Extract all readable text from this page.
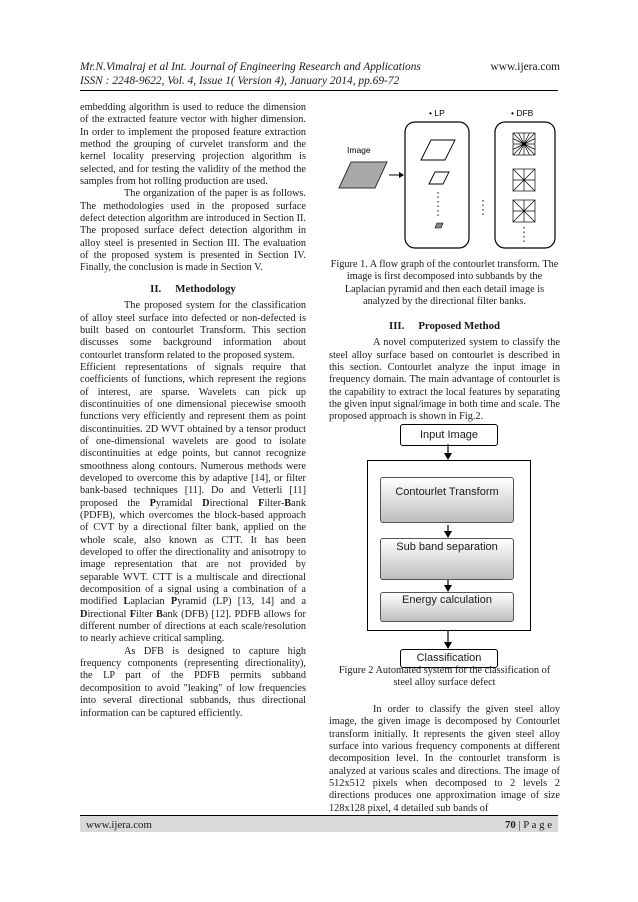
Mr.N.Vimalraj et al Int. Journal of Engineering Research and Applications	www.ijera.com
ISSN : 2248-9622, Vol. 4, Issue 1( Version 4), January 2014, pp.69-72

embedding algorithm is used to reduce the dimension of the extracted feature vector with higher dimension. In order to implement the proposed feature extraction method the grouping of curvelet transform and the kernel locality preserving projection algorithm is selected, and for testing the validity of the method the samples from hot rolling production are used.

The organization of the paper is as follows. The methodologies used in the proposed surface defect detection algorithm are introduced in Section II. The proposed surface defect detection algorithm in alloy steel is presented in Section III. The evaluation of the proposed system is presented in Section IV. Finally, the conclusion is made in Section V.

II. Methodology

The proposed system for the classification of alloy steel surface into defected or non-defected is built based on contourlet Transform. This section discusses some background information about contourlet transform related to the proposed system.

Efficient representations of signals require that coefficients of functions, which represent the regions of interest, are sparse. Wavelets can pick up discontinuities of one dimensional piecewise smooth functions very efficiently and represent them as point discontinuities. 2D WVT obtained by a tensor product of one-dimensional wavelets are good to isolate discontinuities at edge points, but cannot recognize smoothness along contours. Numerous methods were developed to overcome this by adaptive [14], or filter bank-based techniques [11]. Do and Vetterli [11] proposed the Pyramidal Directional Filter-Bank (PDFB), which overcomes the block-based approach of CVT by a directional filter bank, applied on the whole scale, also known as CTT. It has been developed to offer the directionality and anisotropy to image representation that are not provided by separable WVT. CTT is a multiscale and directional decomposition of a signal using a combination of a modified Laplacian Pyramid (LP) [13, 14] and a Directional Filter Bank (DFB) [12]. PDFB allows for different number of directions at each scale/resolution to nearly achieve critical sampling.

As DFB is designed to capture high frequency components (representing directionality), the LP part of the PDFB permits subband decomposition to avoid "leaking" of low frequencies into several directional subbands, thus directional information can be captured efficiently.

• LP	• DFB
Image
Figure 1. A flow graph of the contourlet transform. The image is first decomposed into subbands by the Laplacian pyramid and then each detail image is analyzed by the directional filter banks.
III. Proposed Method

A novel computerized system to classify the steel alloy surface based on contourlet is described in this section. Contourlet analyze the input image in frequency domain. The main advantage of contourlet is the capability to extract the local features by separating the given input signal/image in both time and scale. The proposed approach is shown in Fig.2.

Input Image
Contourlet Transform
Sub band separation
Energy calculation
Classification
Figure 2 Automated system for the classification of steel alloy surface defect

In order to classify the given steel alloy image, the given image is decomposed by Contourlet transform initially. It represents the given steel alloy surface into various frequency components at different decomposition level. In the contourlet transform is analyzed at various scales and directions. The image of 512x512 pixels when decomposed to 2 levels 2 directions produces one approximation image of size 128x128 pixel, 4 detailed sub bands of

www.ijera.com	70 | P a g e
